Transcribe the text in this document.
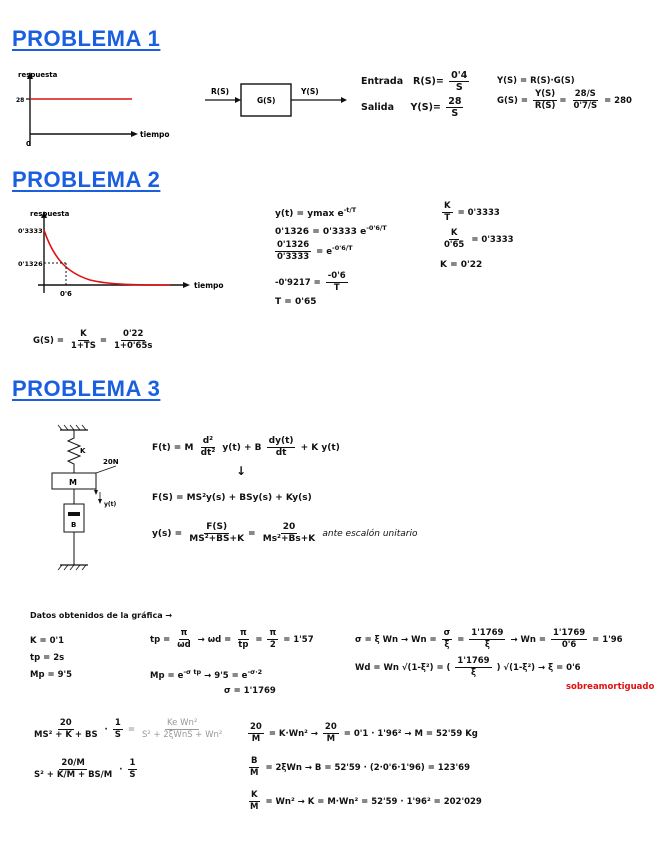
PROBLEMA 1
respuesta
28
0
tiempo
R(S)
G(S)
Y(S)
Entrada $R(S)= \frac{0'4}{S}$
Salida $Y(S)= \frac{28}{S}$
Y(S) = R(S)·G(S)
$G(S) = \frac{Y(S)}{R(S)} = \frac{28/S}{0'7/S} = 280$
PROBLEMA 2
respuesta
0'3333
0'1326
0'6
tiempo
y(t) = ymax $e^{-t/T}$
0'1326 = 0'3333 $e^{-0'6/T}$
$\frac{0'1326}{0'3333} = e^{-0'6/T}$
$-0'9217 = \frac{-0'6}{T}$
T = 0'65
$\frac{K}{T} = 0'3333$
$\frac{K}{0'65} = 0'3333$
K = 0'22
$G(S) = \frac{K}{1+TS} = \frac{0'22}{1+0'65s}$
PROBLEMA 3
K
20N
M
B
y(t)
F(t) = M $\frac{\text{d²}}{\text{dt²}} y(t) + B \frac{dy(t)}{dt} + K$ y(t)
↓
F(S) = MS²y(s) + BSy(s) + Ky(s)
$y(s) = \frac{F(S)}{\text{MS²+BS+K}} = \frac{20}{\text{Ms²+Bs+K}}$ ante escalón unitario
Datos obtenidos de la gráfica →
K = 0'1
tp = 2s
Mp = 9'5
tp = $\frac{\pi}{\omega d} \to \omega d = \frac{\pi}{tp} = \frac{\pi}{2} = 1'57$
$Mp = e^{-\sigma tp} \to 9'5 = e^{-\sigma\cdot 2}$
σ = 1'1769
σ = ξ $Wn \to Wn = \frac{\sigma}{\xi} = \frac{1'1769}{\xi} \to Wn = \frac{1'1769}{0'6} = 1'96$
Wd = Wn √(1-ξ²) = ( $\frac{1'1769}{\xi}$ ) √(1-ξ²) → ξ = 0'6
sobreamortiguado
$\frac{20}{\text{MS² + K + BS}} \cdot \frac{1}{S} = \frac{\text{Ke Wn²}}{\text{S² + 2ξWnS + Wn²}}$
$\frac{20/M}{\text{S² + K/M + BS/M}} \cdot \frac{1}{S}$
$\frac{20}{M} = K\cdot Wn^2 \to \frac{20}{M} = 0'1 \cdot 1'96^2 \to M = 52'59$ Kg
$\frac{B}{M} = 2\xi Wn \to B = 52'59 \cdot (2\cdot 0'6\cdot 1'96) = 123'69$
$\frac{K}{M} = Wn^2 \to K = M\cdot Wn^2 = 52'59 \cdot 1'96^2 = 202'029$
